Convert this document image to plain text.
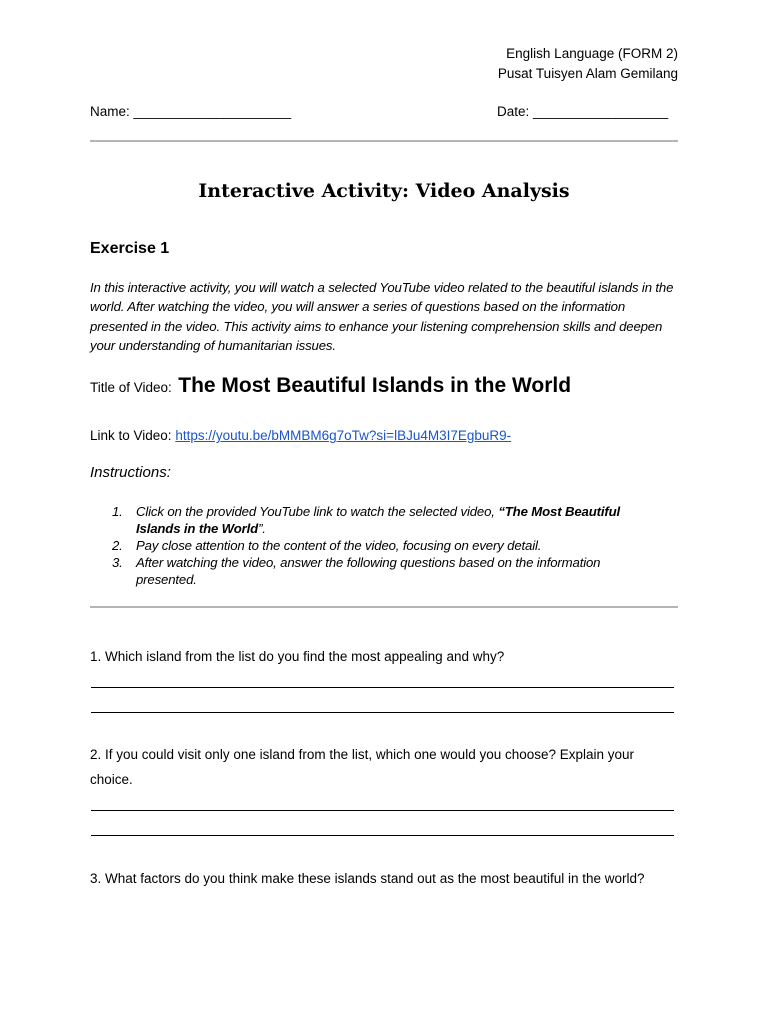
English Language (FORM 2)
Pusat Tuisyen Alam Gemilang
Name: _____________________	Date: __________________
Interactive Activity: Video Analysis
Exercise 1
In this interactive activity, you will watch a selected YouTube video related to the beautiful islands in the world. After watching the video, you will answer a series of questions based on the information presented in the video. This activity aims to enhance your listening comprehension skills and deepen your understanding of humanitarian issues.
Title of Video: The Most Beautiful Islands in the World
Link to Video: https://youtu.be/bMMBM6g7oTw?si=lBJu4M3I7EgbuR9-
Instructions:
1. Click on the provided YouTube link to watch the selected video, “The Most Beautiful Islands in the World”.
2. Pay close attention to the content of the video, focusing on every detail.
3. After watching the video, answer the following questions based on the information presented.
1. Which island from the list do you find the most appealing and why?
2. If you could visit only one island from the list, which one would you choose? Explain your choice.
3. What factors do you think make these islands stand out as the most beautiful in the world?
